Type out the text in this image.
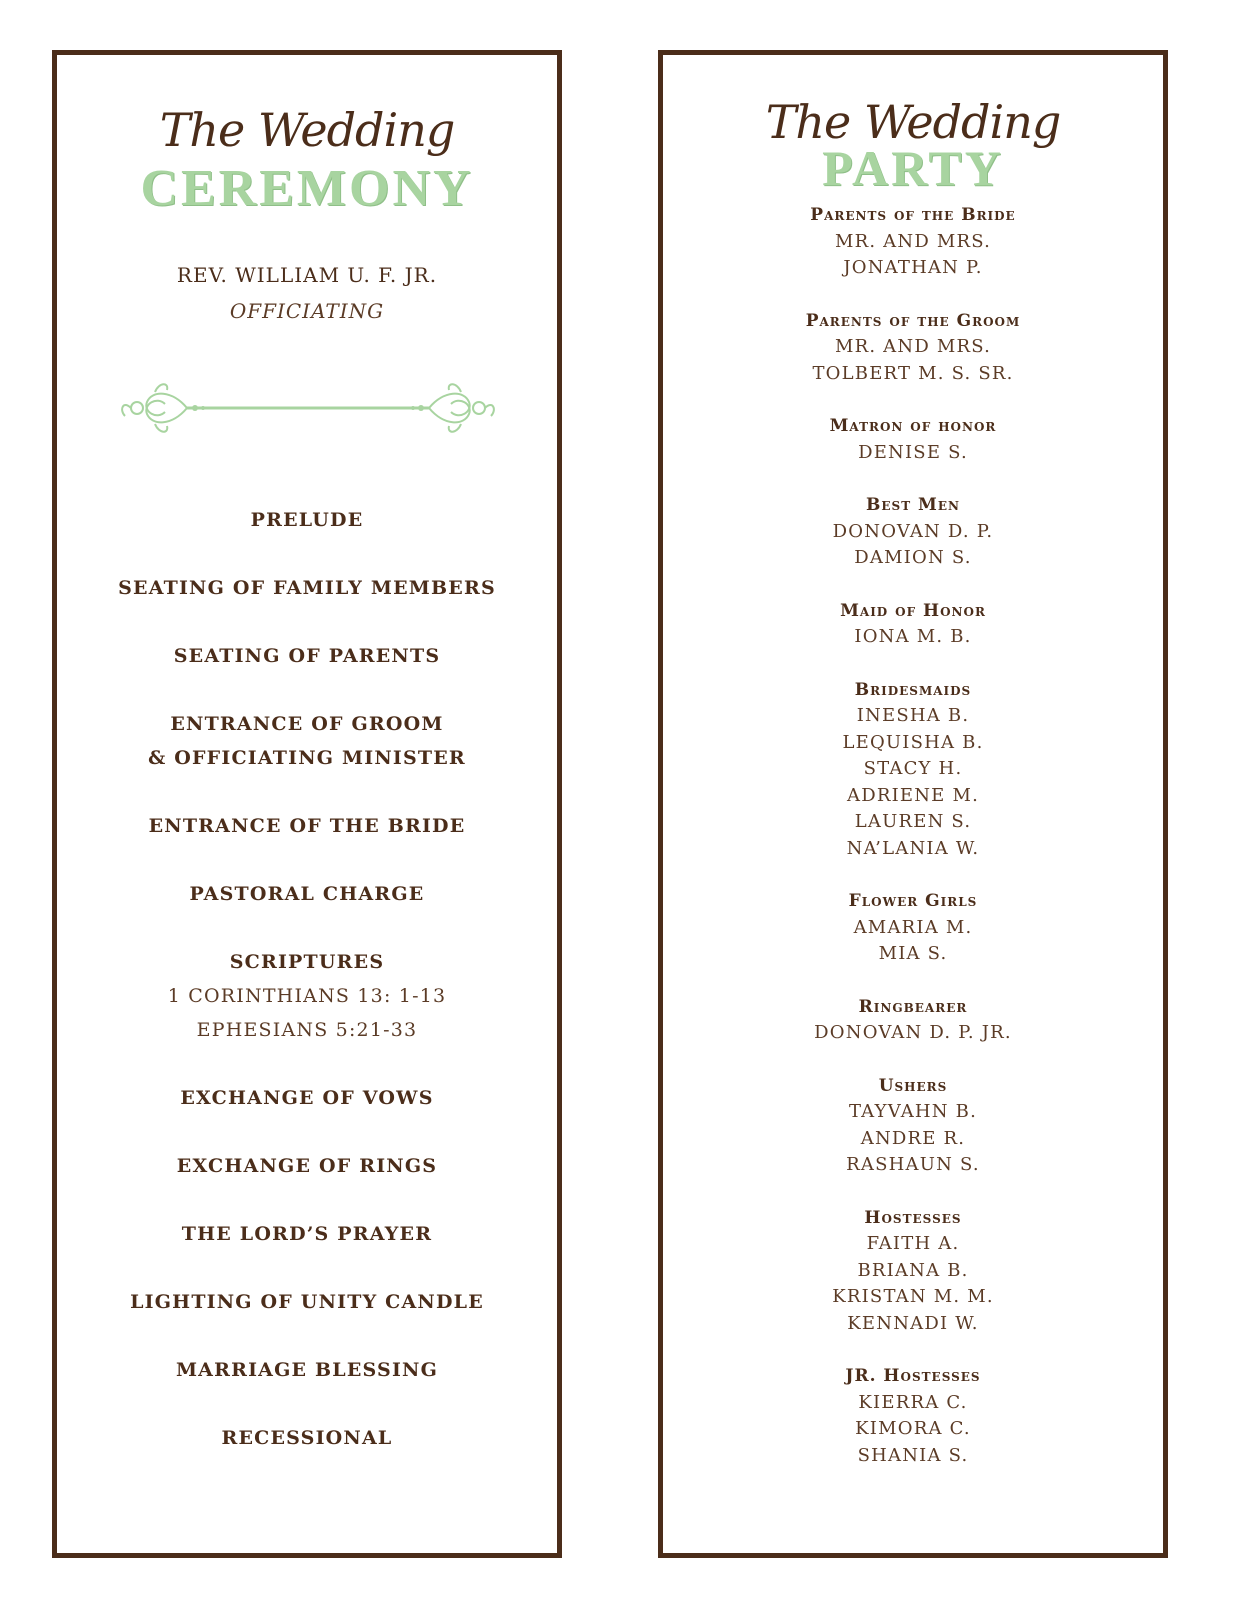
The Wedding
CEREMONY
REV. WILLIAM U. F. JR.
OFFICIATING
PRELUDE
SEATING OF FAMILY MEMBERS
SEATING OF PARENTS
ENTRANCE OF GROOM
& OFFICIATING MINISTER
ENTRANCE OF THE BRIDE
PASTORAL CHARGE
SCRIPTURES
1 CORINTHIANS 13: 1-13
EPHESIANS 5:21-33
EXCHANGE OF VOWS
EXCHANGE OF RINGS
THE LORD’S PRAYER
LIGHTING OF UNITY CANDLE
MARRIAGE BLESSING
RECESSIONAL
The Wedding
PARTY
Parents of the Bride
MR. AND MRS.
JONATHAN P.
Parents of the Groom
MR. AND MRS.
TOLBERT M. S. SR.
Matron of honor
DENISE S.
Best Men
DONOVAN D. P.
DAMION S.
Maid of Honor
IONA M. B.
Bridesmaids
INESHA B.
LEQUISHA B.
STACY H.
ADRIENE M.
LAUREN S.
NA’LANIA W.
Flower Girls
AMARIA M.
MIA S.
Ringbearer
DONOVAN D. P. JR.
Ushers
TAYVAHN B.
ANDRE R.
RASHAUN S.
Hostesses
FAITH A.
BRIANA B.
KRISTAN M. M.
KENNADI W.
JR. Hostesses
KIERRA C.
KIMORA C.
SHANIA S.
